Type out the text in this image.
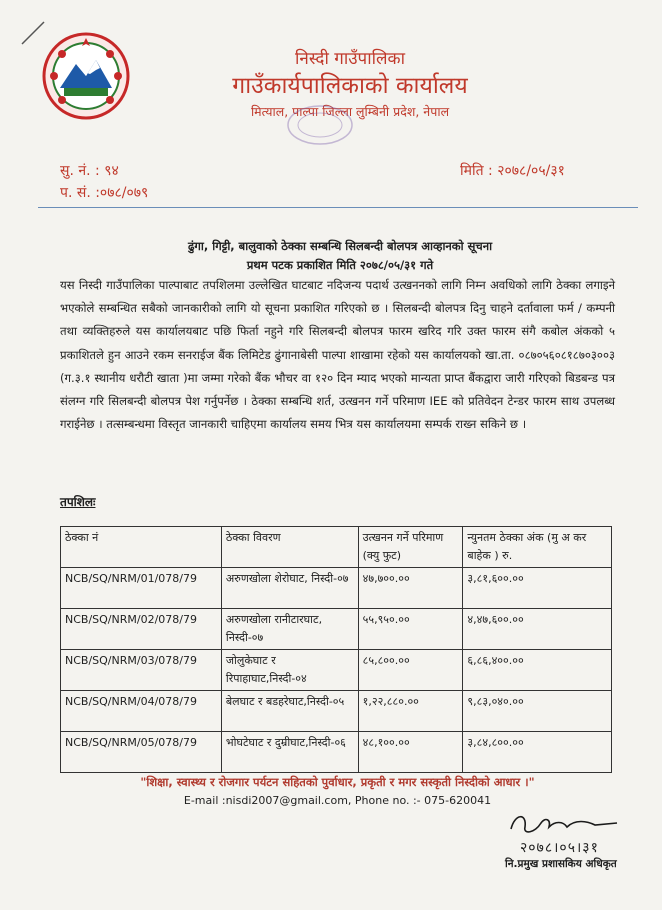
निस्दी गाउँपालिका
गाउँकार्यपालिकाको कार्यालय
मित्याल, पाल्पा जिल्ला लुम्बिनी प्रदेश, नेपाल
सु. नं. : ९४
प. सं. :०७८/०७९
मिति : २०७८/०५/३१
ढुंगा, गिट्टी, बालुवाको ठेक्का सम्बन्धि सिलबन्दी बोलपत्र आव्हानको सूचना
प्रथम पटक प्रकाशित मिति २०७८/०५/३१ गते
यस निस्दी गाउँपालिका पाल्पाबाट तपशिलमा उल्लेखित घाटबाट नदिजन्य पदार्थ उत्खननको लागि निम्न अवधिको लागि ठेक्का लगाइने भएकोले सम्बन्धित सबैको जानकारीको लागि यो सूचना प्रकाशित गरिएको छ । सिलबन्दी बोलपत्र दिनु चाहने दर्तावाला फर्म / कम्पनी तथा व्यक्तिहरुले यस कार्यालयबाट पछि फिर्ता नहुने गरि सिलबन्दी बोलपत्र फारम खरिद गरि उक्त फारम संगै कबोल अंकको ५ प्रकाशितले हुन आउने रकम सनराईज बैंक लिमिटेड ढुंगानाबेसी पाल्पा शाखामा रहेको यस कार्यालयको खा.ता. ०८७०५६०८१८७०३००३ (ग.३.१ स्थानीय धरौटी खाता )मा जम्मा गरेको बैंक भौचर वा १२० दिन म्याद भएको मान्यता प्राप्त बैंकद्वारा जारी गरिएको बिडबन्ड पत्र संलग्न गरि सिलबन्दी बोलपत्र पेश गर्नुपर्नेछ । ठेक्का सम्बन्धि शर्त, उत्खनन गर्ने परिमाण IEE को प्रतिवेदन टेन्डर फारम साथ उपलब्ध गराईनेछ । तत्सम्बन्धमा विस्तृत जानकारी चाहिएमा कार्यालय समय भित्र यस कार्यालयमा सम्पर्क राख्न सकिने छ ।
तपशिलः
ठेक्का नं	ठेक्का विवरण	उत्खनन गर्ने परिमाण (क्यु फुट)	न्युनतम ठेक्का अंक (मु अ कर बाहेक ) रु.
NCB/SQ/NRM/01/078/79	अरुणखोला शेरोघाट, निस्दी-०७	४७,७००.००	३,८१,६००.००
NCB/SQ/NRM/02/078/79	अरुणखोला रानीटारघाट, निस्दी-०७	५५,९५०.००	४,४७,६००.००
NCB/SQ/NRM/03/078/79	जोलुकेघाट र रिपाहाघाट,निस्दी-०४	८५,८००.००	६,८६,४००.००
NCB/SQ/NRM/04/078/79	बेलघाट र बडहरेघाट,निस्दी-०५	१,२२,८८०.००	९,८३,०४०.००
NCB/SQ/NRM/05/078/79	भोघटेघाट र दुम्रीघाट,निस्दी-०६	४८,१००.००	३,८४,८००.००
"शिक्षा, स्वास्थ्य र रोजगार पर्यटन सहितको पुर्वाधार, प्रकृती र मगर सस्कृती निस्दीको आधार ।"
E-mail :nisdi2007@gmail.com, Phone no. :- 075-620041
२०७८।०५।३१
नि.प्रमुख प्रशासकिय अधिकृत
